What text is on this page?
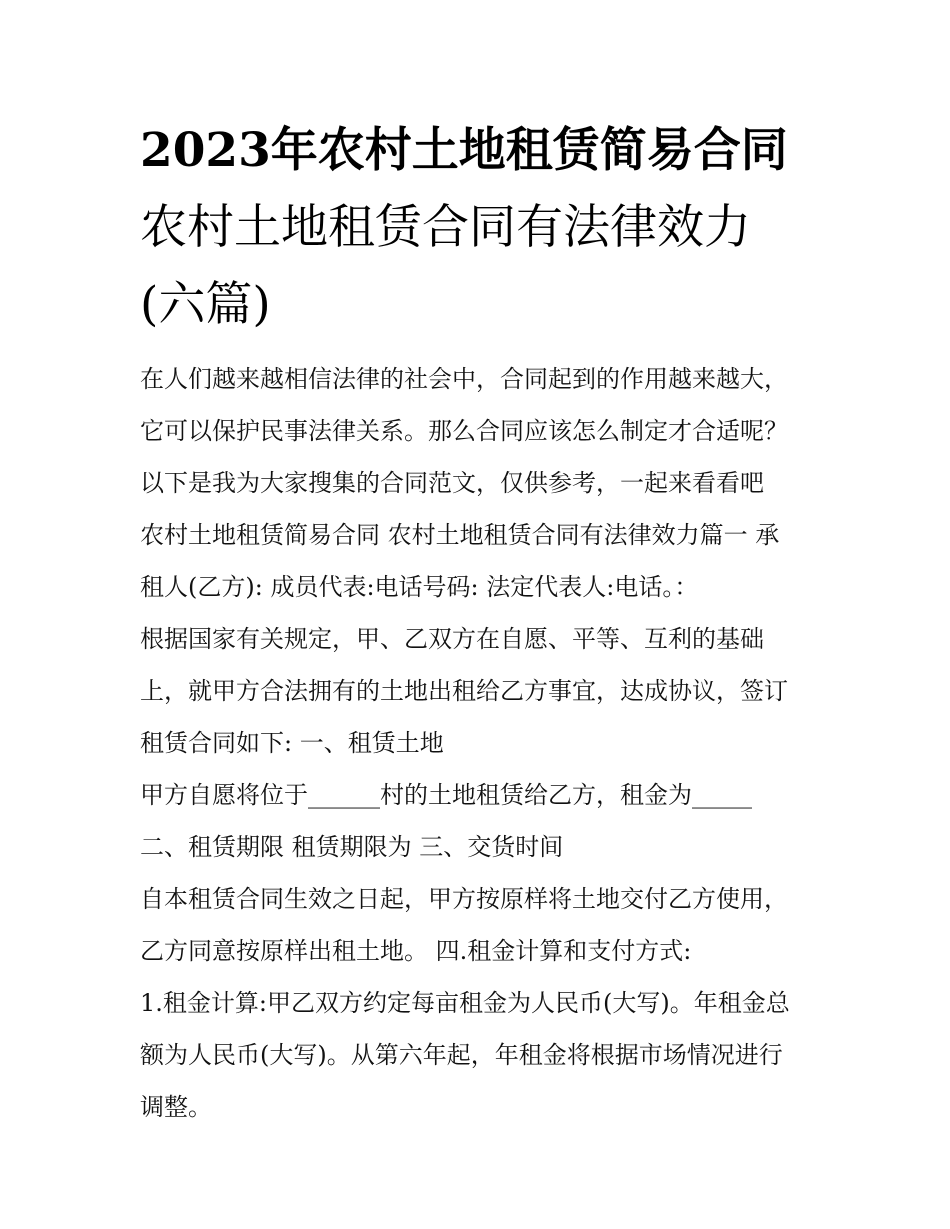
2023年农村土地租赁简易合同
农村土地租赁合同有法律效力
(六篇)
在人们越来越相信法律的社会中，合同起到的作用越来越大，
它可以保护民事法律关系。那么合同应该怎么制定才合适呢？
以下是我为大家搜集的合同范文，仅供参考，一起来看看吧
农村土地租赁简易合同 农村土地租赁合同有法律效力篇一 承
租人(乙方): 成员代表:电话号码: 法定代表人:电话。：
根据国家有关规定，甲、乙双方在自愿、平等、互利的基础
上，就甲方合法拥有的土地出租给乙方事宜，达成协议，签订
租赁合同如下: 一、租赁土地
甲方自愿将位于______村的土地租赁给乙方，租金为_____
二、租赁期限 租赁期限为 三、交货时间
自本租赁合同生效之日起，甲方按原样将土地交付乙方使用，
乙方同意按原样出租土地。 四.租金计算和支付方式:
1.租金计算:甲乙双方约定每亩租金为人民币(大写)。年租金总
额为人民币(大写)。从第六年起，年租金将根据市场情况进行
调整。
